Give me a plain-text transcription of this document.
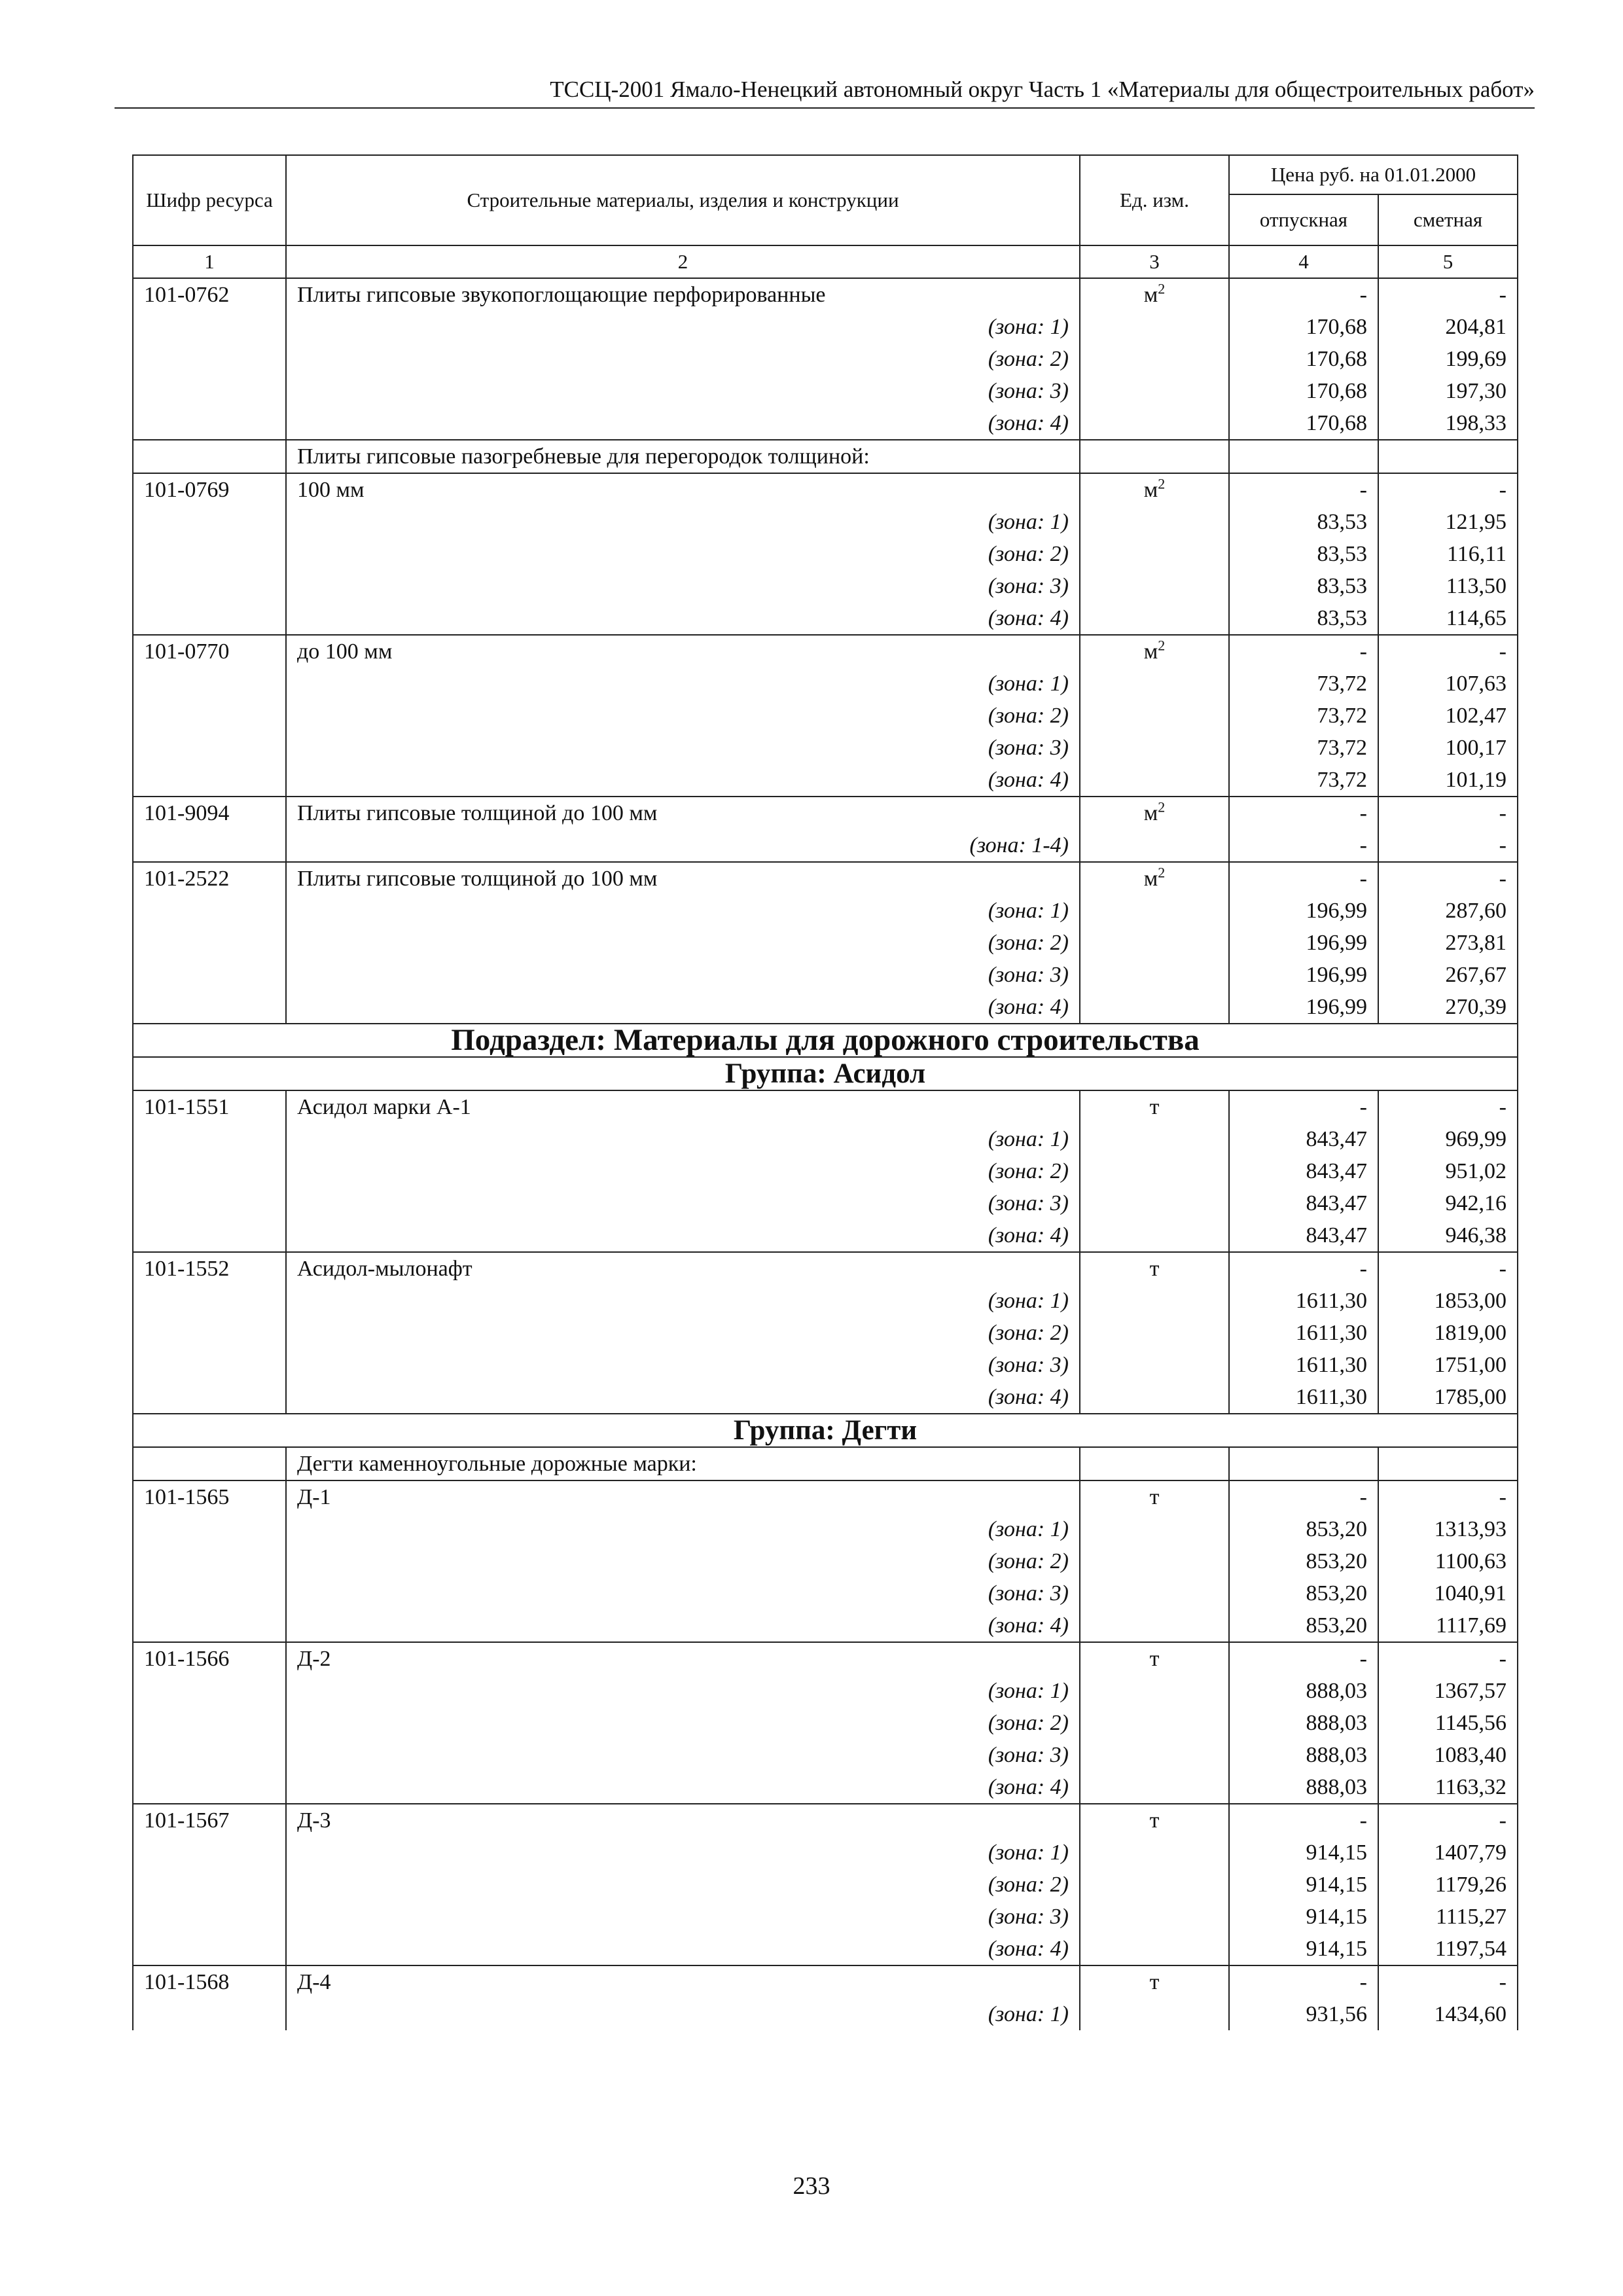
ТССЦ-2001 Ямало-Ненецкий автономный округ Часть 1 «Материалы для общестроительных работ»
Шифр ресурса	Строительные материалы, изделия и конструкции	Ед. изм.	Цена руб. на 01.01.2000	
			отпускная	сметная
1	2	3	4	5
101-0762	Плиты гипсовые звукопоглощающие перфорированные	$м^2$	-	-
	(зона: 1)		170,68	204,81
	(зона: 2)		170,68	199,69
	(зона: 3)		170,68	197,30
	(зона: 4)		170,68	198,33
	Плиты гипсовые пазогребневые для перегородок толщиной:			
101-0769	100 мм	$м^2$	-	-
	(зона: 1)		83,53	121,95
	(зона: 2)		83,53	116,11
	(зона: 3)		83,53	113,50
	(зона: 4)		83,53	114,65
101-0770	до 100 мм	$м^2$	-	-
	(зона: 1)		73,72	107,63
	(зона: 2)		73,72	102,47
	(зона: 3)		73,72	100,17
	(зона: 4)		73,72	101,19
101-9094	Плиты гипсовые толщиной до 100 мм	$м^2$	-	-
	(зона: 1-4)		-	-
101-2522	Плиты гипсовые толщиной до 100 мм	$м^2$	-	-
	(зона: 1)		196,99	287,60
	(зона: 2)		196,99	273,81
	(зона: 3)		196,99	267,67
	(зона: 4)		196,99	270,39
Подраздел: Материалы для дорожного строительства				
Группа: Асидол				
101-1551	Асидол марки А-1	т	-	-
	(зона: 1)		843,47	969,99
	(зона: 2)		843,47	951,02
	(зона: 3)		843,47	942,16
	(зона: 4)		843,47	946,38
101-1552	Асидол-мылонафт	т	-	-
	(зона: 1)		1611,30	1853,00
	(зона: 2)		1611,30	1819,00
	(зона: 3)		1611,30	1751,00
	(зона: 4)		1611,30	1785,00
Группа: Дегти				
	Дегти каменноугольные дорожные марки:			
101-1565	Д-1	т	-	-
	(зона: 1)		853,20	1313,93
	(зона: 2)		853,20	1100,63
	(зона: 3)		853,20	1040,91
	(зона: 4)		853,20	1117,69
101-1566	Д-2	т	-	-
	(зона: 1)		888,03	1367,57
	(зона: 2)		888,03	1145,56
	(зона: 3)		888,03	1083,40
	(зона: 4)		888,03	1163,32
101-1567	Д-3	т	-	-
	(зона: 1)		914,15	1407,79
	(зона: 2)		914,15	1179,26
	(зона: 3)		914,15	1115,27
	(зона: 4)		914,15	1197,54
101-1568	Д-4	т	-	-
	(зона: 1)		931,56	1434,60
233
